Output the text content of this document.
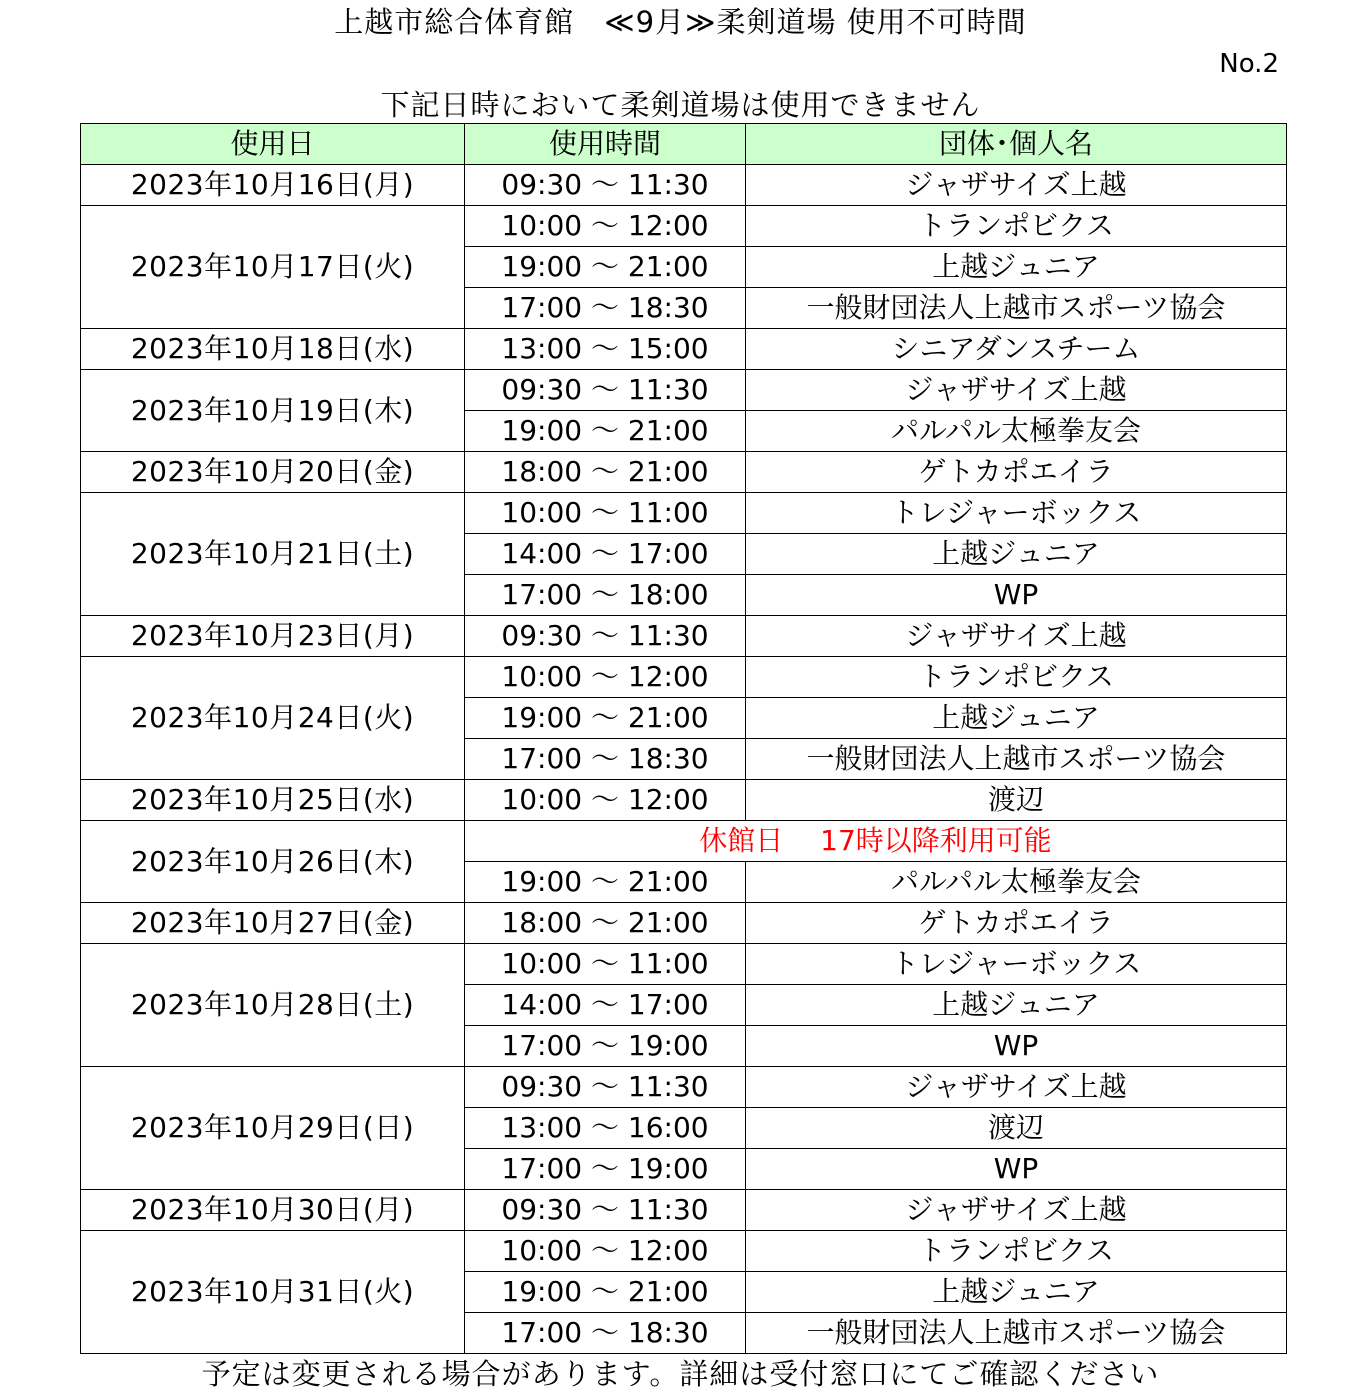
上越市総合体育館　≪9月≫柔剣道場 使用不可時間
No.2
下記日時において柔剣道場は使用できません
使用日	使用時間	団体･個人名
2023年10月16日(月)	09:30 ～ 11:30	ジャザサイズ上越
2023年10月17日(火)	10:00 ～ 12:00	トランポビクス
	19:00 ～ 21:00	上越ジュニア
	17:00 ～ 18:30	一般財団法人上越市スポーツ協会
2023年10月18日(水)	13:00 ～ 15:00	シニアダンスチーム
2023年10月19日(木)	09:30 ～ 11:30	ジャザサイズ上越
	19:00 ～ 21:00	パルパル太極拳友会
2023年10月20日(金)	18:00 ～ 21:00	ゲトカポエイラ
2023年10月21日(土)	10:00 ～ 11:00	トレジャーボックス
	14:00 ～ 17:00	上越ジュニア
	17:00 ～ 18:00	WP
2023年10月23日(月)	09:30 ～ 11:30	ジャザサイズ上越
2023年10月24日(火)	10:00 ～ 12:00	トランポビクス
	19:00 ～ 21:00	上越ジュニア
	17:00 ～ 18:30	一般財団法人上越市スポーツ協会
2023年10月25日(水)	10:00 ～ 12:00	渡辺
2023年10月26日(木)	休館日　 17時以降利用可能	
	19:00 ～ 21:00	パルパル太極拳友会
2023年10月27日(金)	18:00 ～ 21:00	ゲトカポエイラ
2023年10月28日(土)	10:00 ～ 11:00	トレジャーボックス
	14:00 ～ 17:00	上越ジュニア
	17:00 ～ 19:00	WP
2023年10月29日(日)	09:30 ～ 11:30	ジャザサイズ上越
	13:00 ～ 16:00	渡辺
	17:00 ～ 19:00	WP
2023年10月30日(月)	09:30 ～ 11:30	ジャザサイズ上越
2023年10月31日(火)	10:00 ～ 12:00	トランポビクス
	19:00 ～ 21:00	上越ジュニア
	17:00 ～ 18:30	一般財団法人上越市スポーツ協会
予定は変更される場合があります。詳細は受付窓口にてご確認ください
